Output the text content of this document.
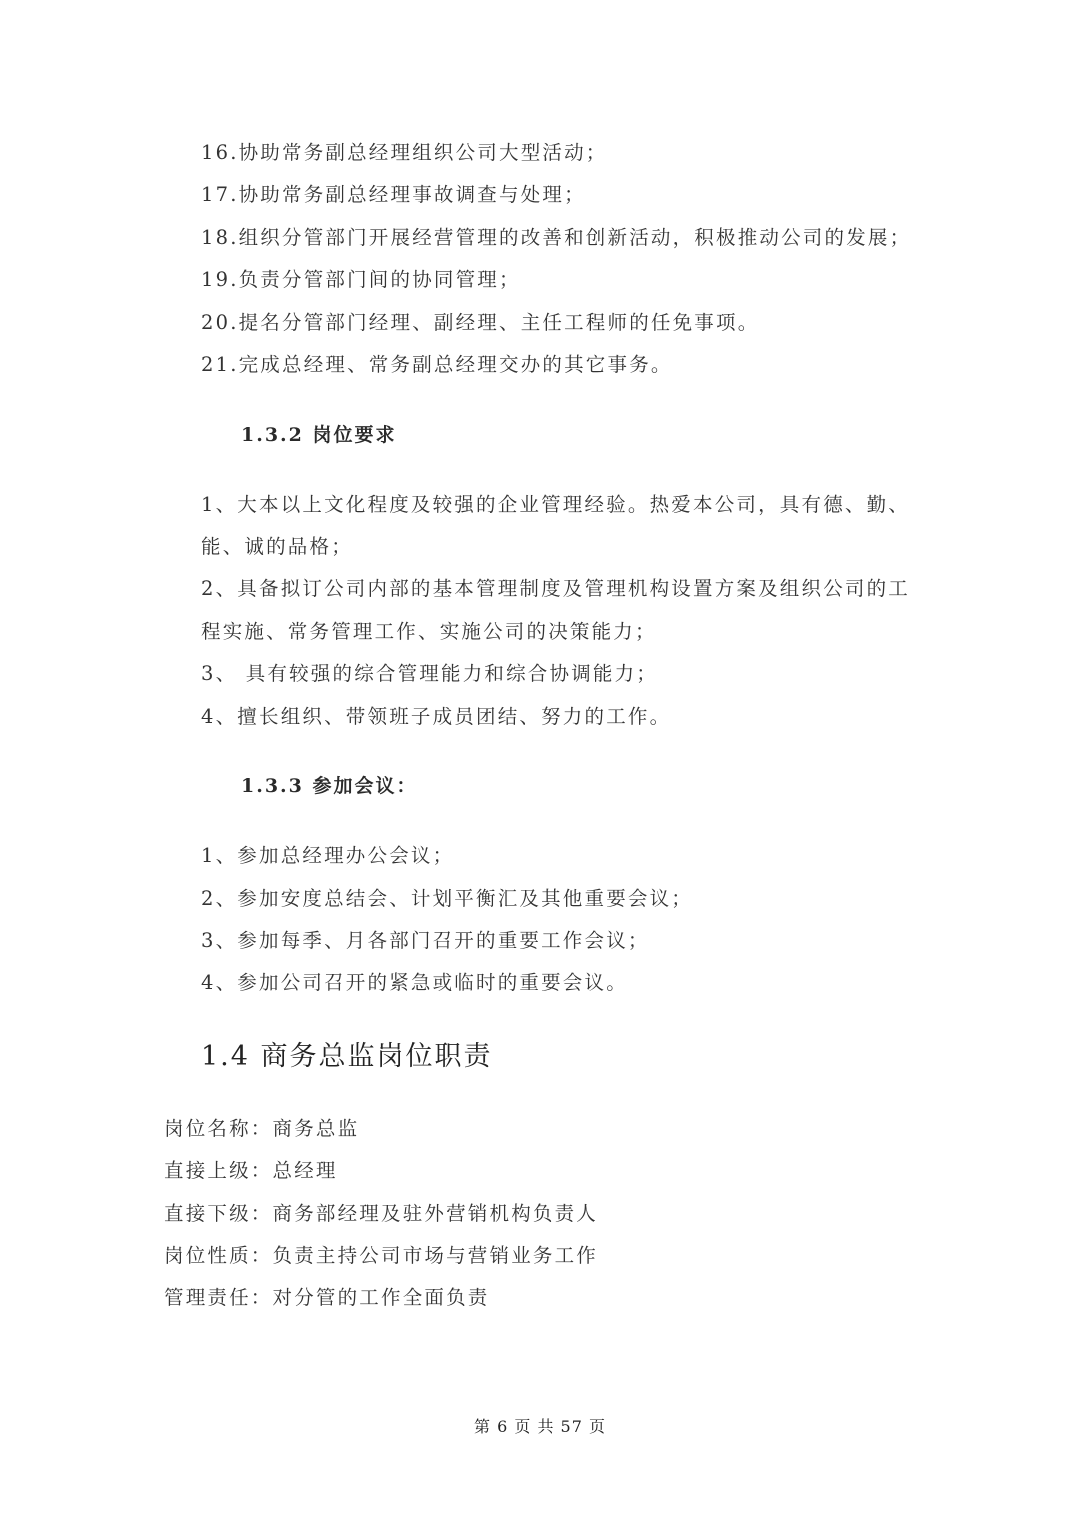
16.协助常务副总经理组织公司大型活动；
17.协助常务副总经理事故调查与处理；
18.组织分管部门开展经营管理的改善和创新活动，积极推动公司的发展；
19.负责分管部门间的协同管理；
20.提名分管部门经理、副经理、主任工程师的任免事项。
21.完成总经理、常务副总经理交办的其它事务。
1.3.2 岗位要求
1、大本以上文化程度及较强的企业管理经验。热爱本公司，具有德、勤、
能、诚的品格；
2、具备拟订公司内部的基本管理制度及管理机构设置方案及组织公司的工
程实施、常务管理工作、实施公司的决策能力；
3、 具有较强的综合管理能力和综合协调能力；
4、擅长组织、带领班子成员团结、努力的工作。
1.3.3 参加会议：
1、参加总经理办公会议；
2、参加安度总结会、计划平衡汇及其他重要会议；
3、参加每季、月各部门召开的重要工作会议；
4、参加公司召开的紧急或临时的重要会议。
1.4 商务总监岗位职责
岗位名称：商务总监
直接上级：总经理
直接下级：商务部经理及驻外营销机构负责人
岗位性质：负责主持公司市场与营销业务工作
管理责任：对分管的工作全面负责
第 6 页 共 57 页
